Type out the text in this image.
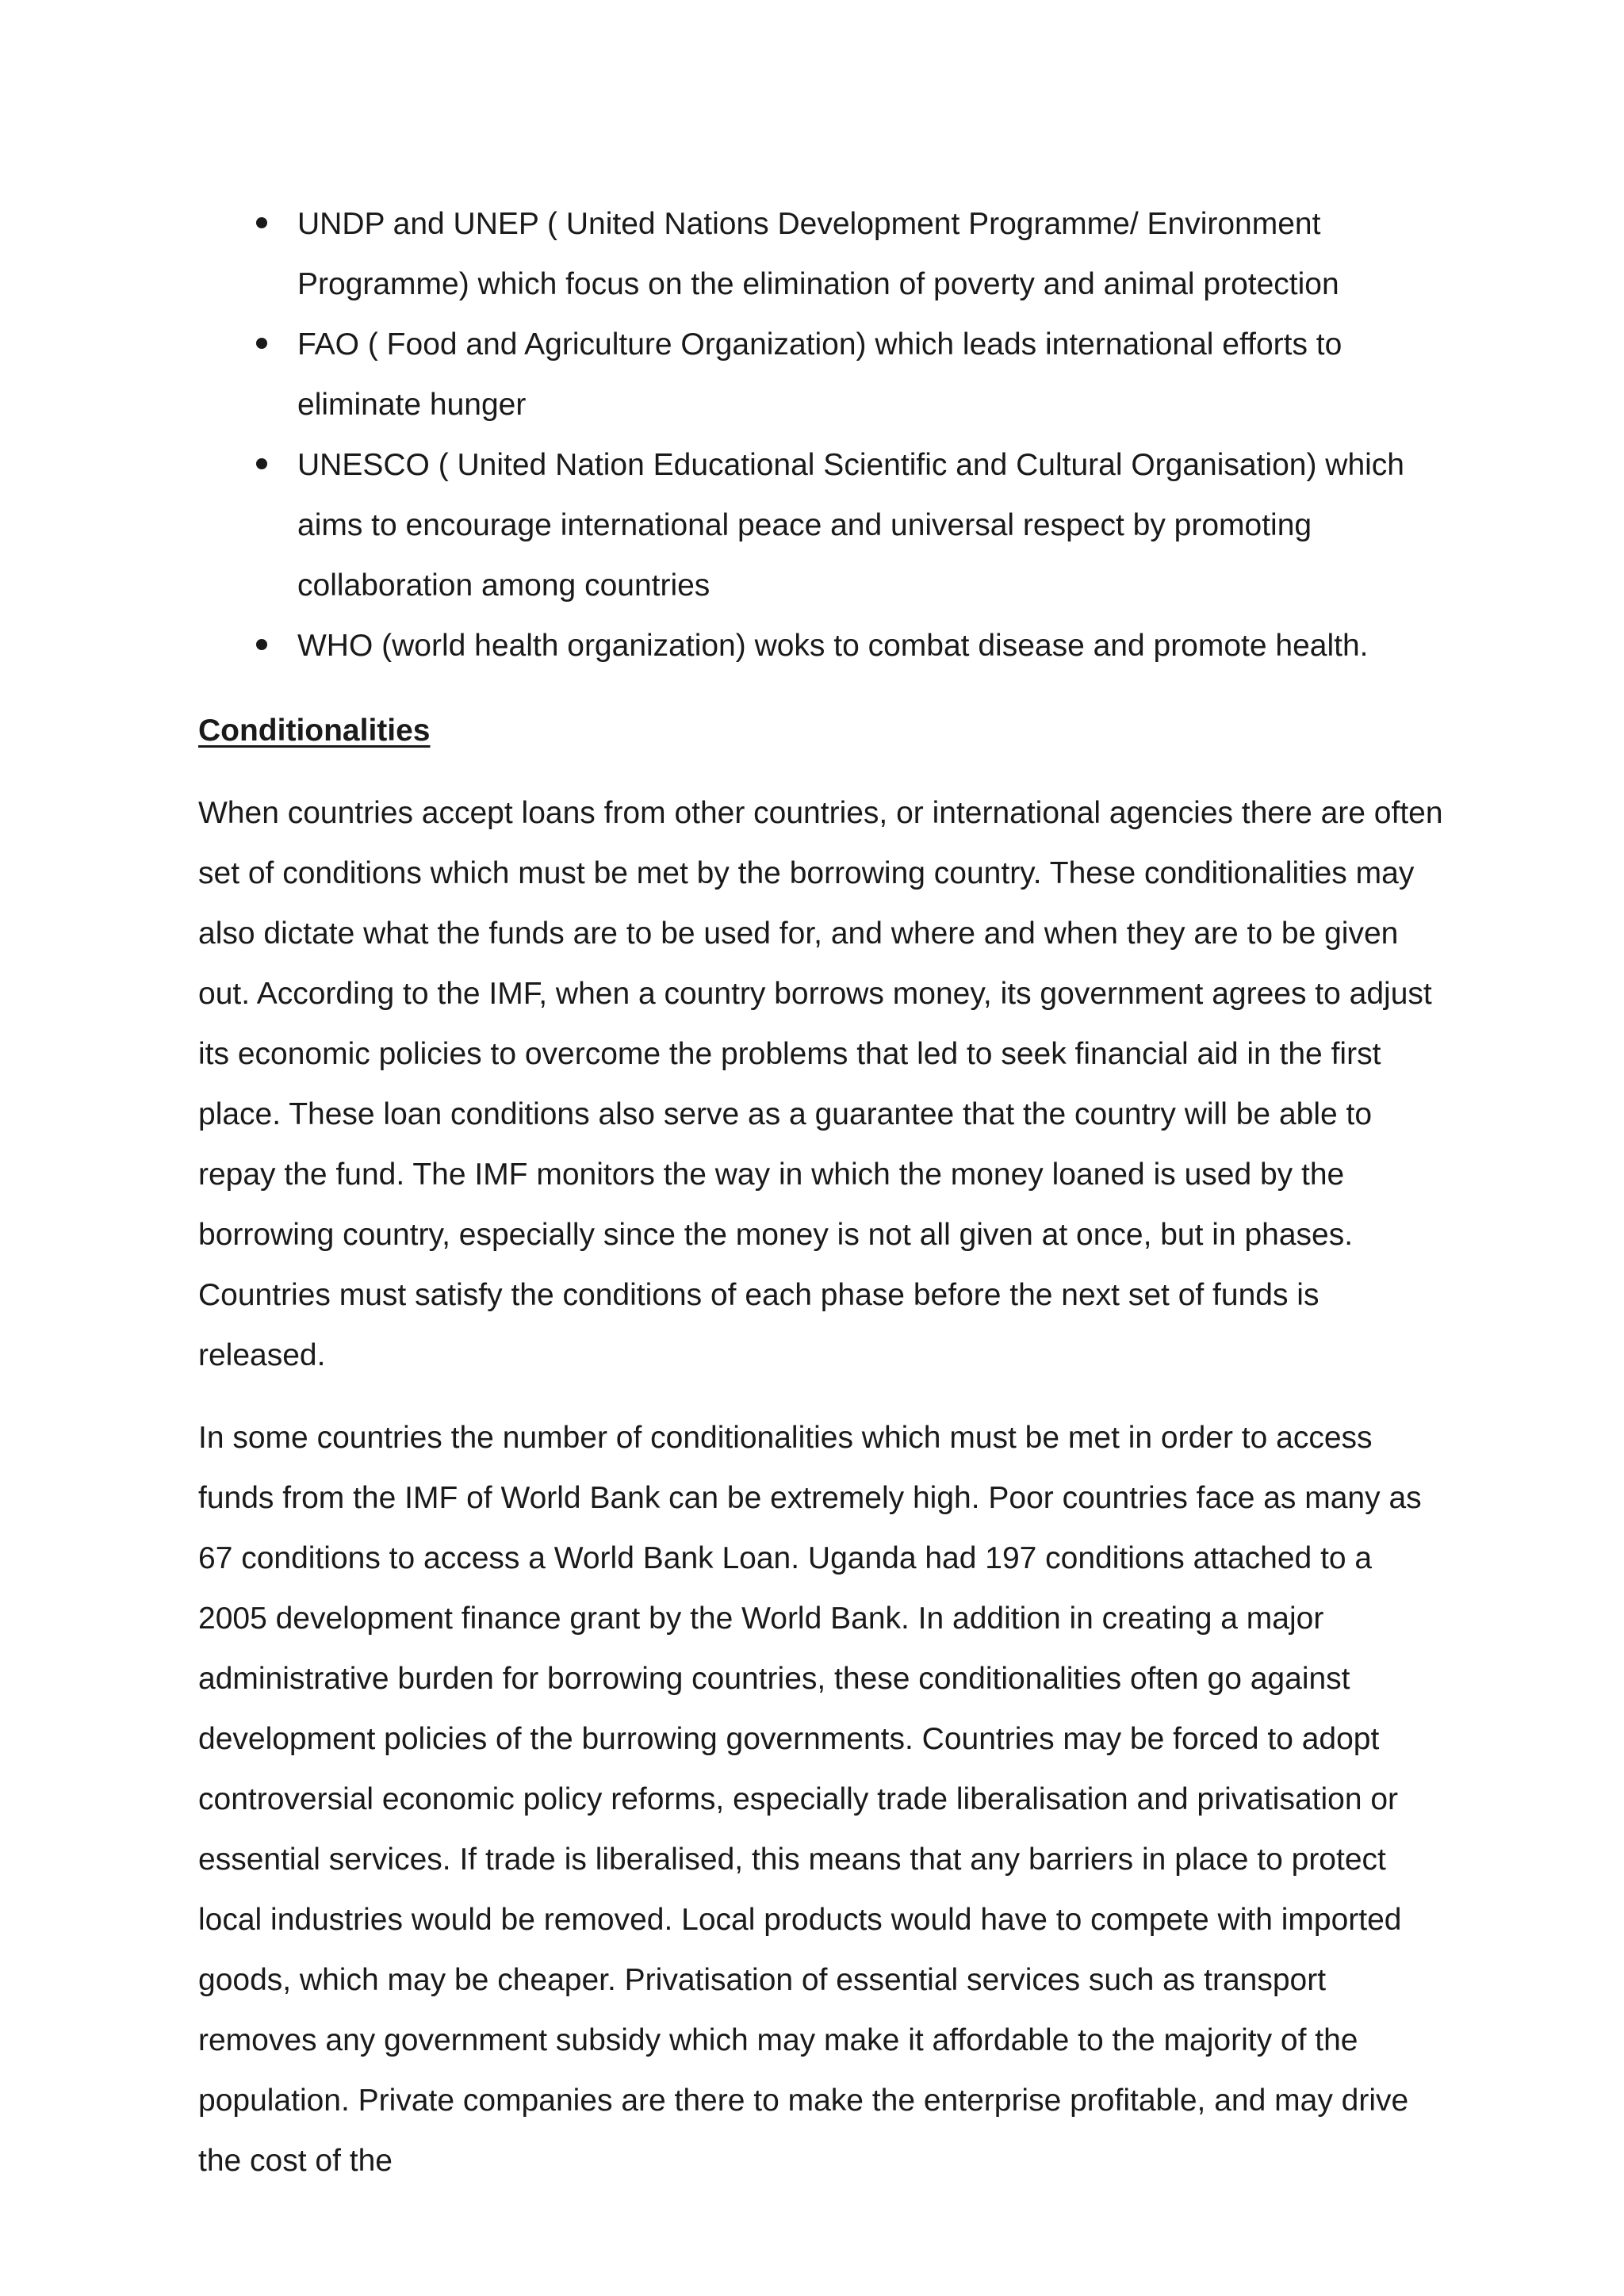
UNDP and UNEP ( United Nations Development Programme/ Environment Programme) which focus on the elimination of poverty and animal protection
FAO ( Food and Agriculture Organization) which leads international efforts to eliminate hunger
UNESCO ( United Nation Educational Scientific and Cultural Organisation) which aims to encourage international peace and universal respect by promoting collaboration among countries
WHO (world health organization) woks to combat disease and promote health.
Conditionalities

When countries accept loans from other countries, or international agencies there are often set of conditions which must be met by the borrowing country. These conditionalities may also dictate what the funds are to be used for, and where and when they are to be given out. According to the IMF, when a country borrows money, its government agrees to adjust its economic policies to overcome the problems that led to seek financial aid in the first place. These loan conditions also serve as a guarantee that the country will be able to repay the fund. The IMF monitors the way in which the money loaned is used by the borrowing country, especially since the money is not all given at once, but in phases. Countries must satisfy the conditions of each phase before the next set of funds is released.

In some countries the number of conditionalities which must be met in order to access funds from the IMF of World Bank can be extremely high. Poor countries face as many as 67 conditions to access a World Bank Loan. Uganda had 197 conditions attached to a 2005 development finance grant by the World Bank. In addition in creating a major administrative burden for borrowing countries, these conditionalities often go against development policies of the burrowing governments. Countries may be forced to adopt controversial economic policy reforms, especially trade liberalisation and privatisation or essential services. If trade is liberalised, this means that any barriers in place to protect local industries would be removed. Local products would have to compete with imported goods, which may be cheaper. Privatisation of essential services such as transport removes any government subsidy which may make it affordable to the majority of the population. Private companies are there to make the enterprise profitable, and may drive the cost of the
